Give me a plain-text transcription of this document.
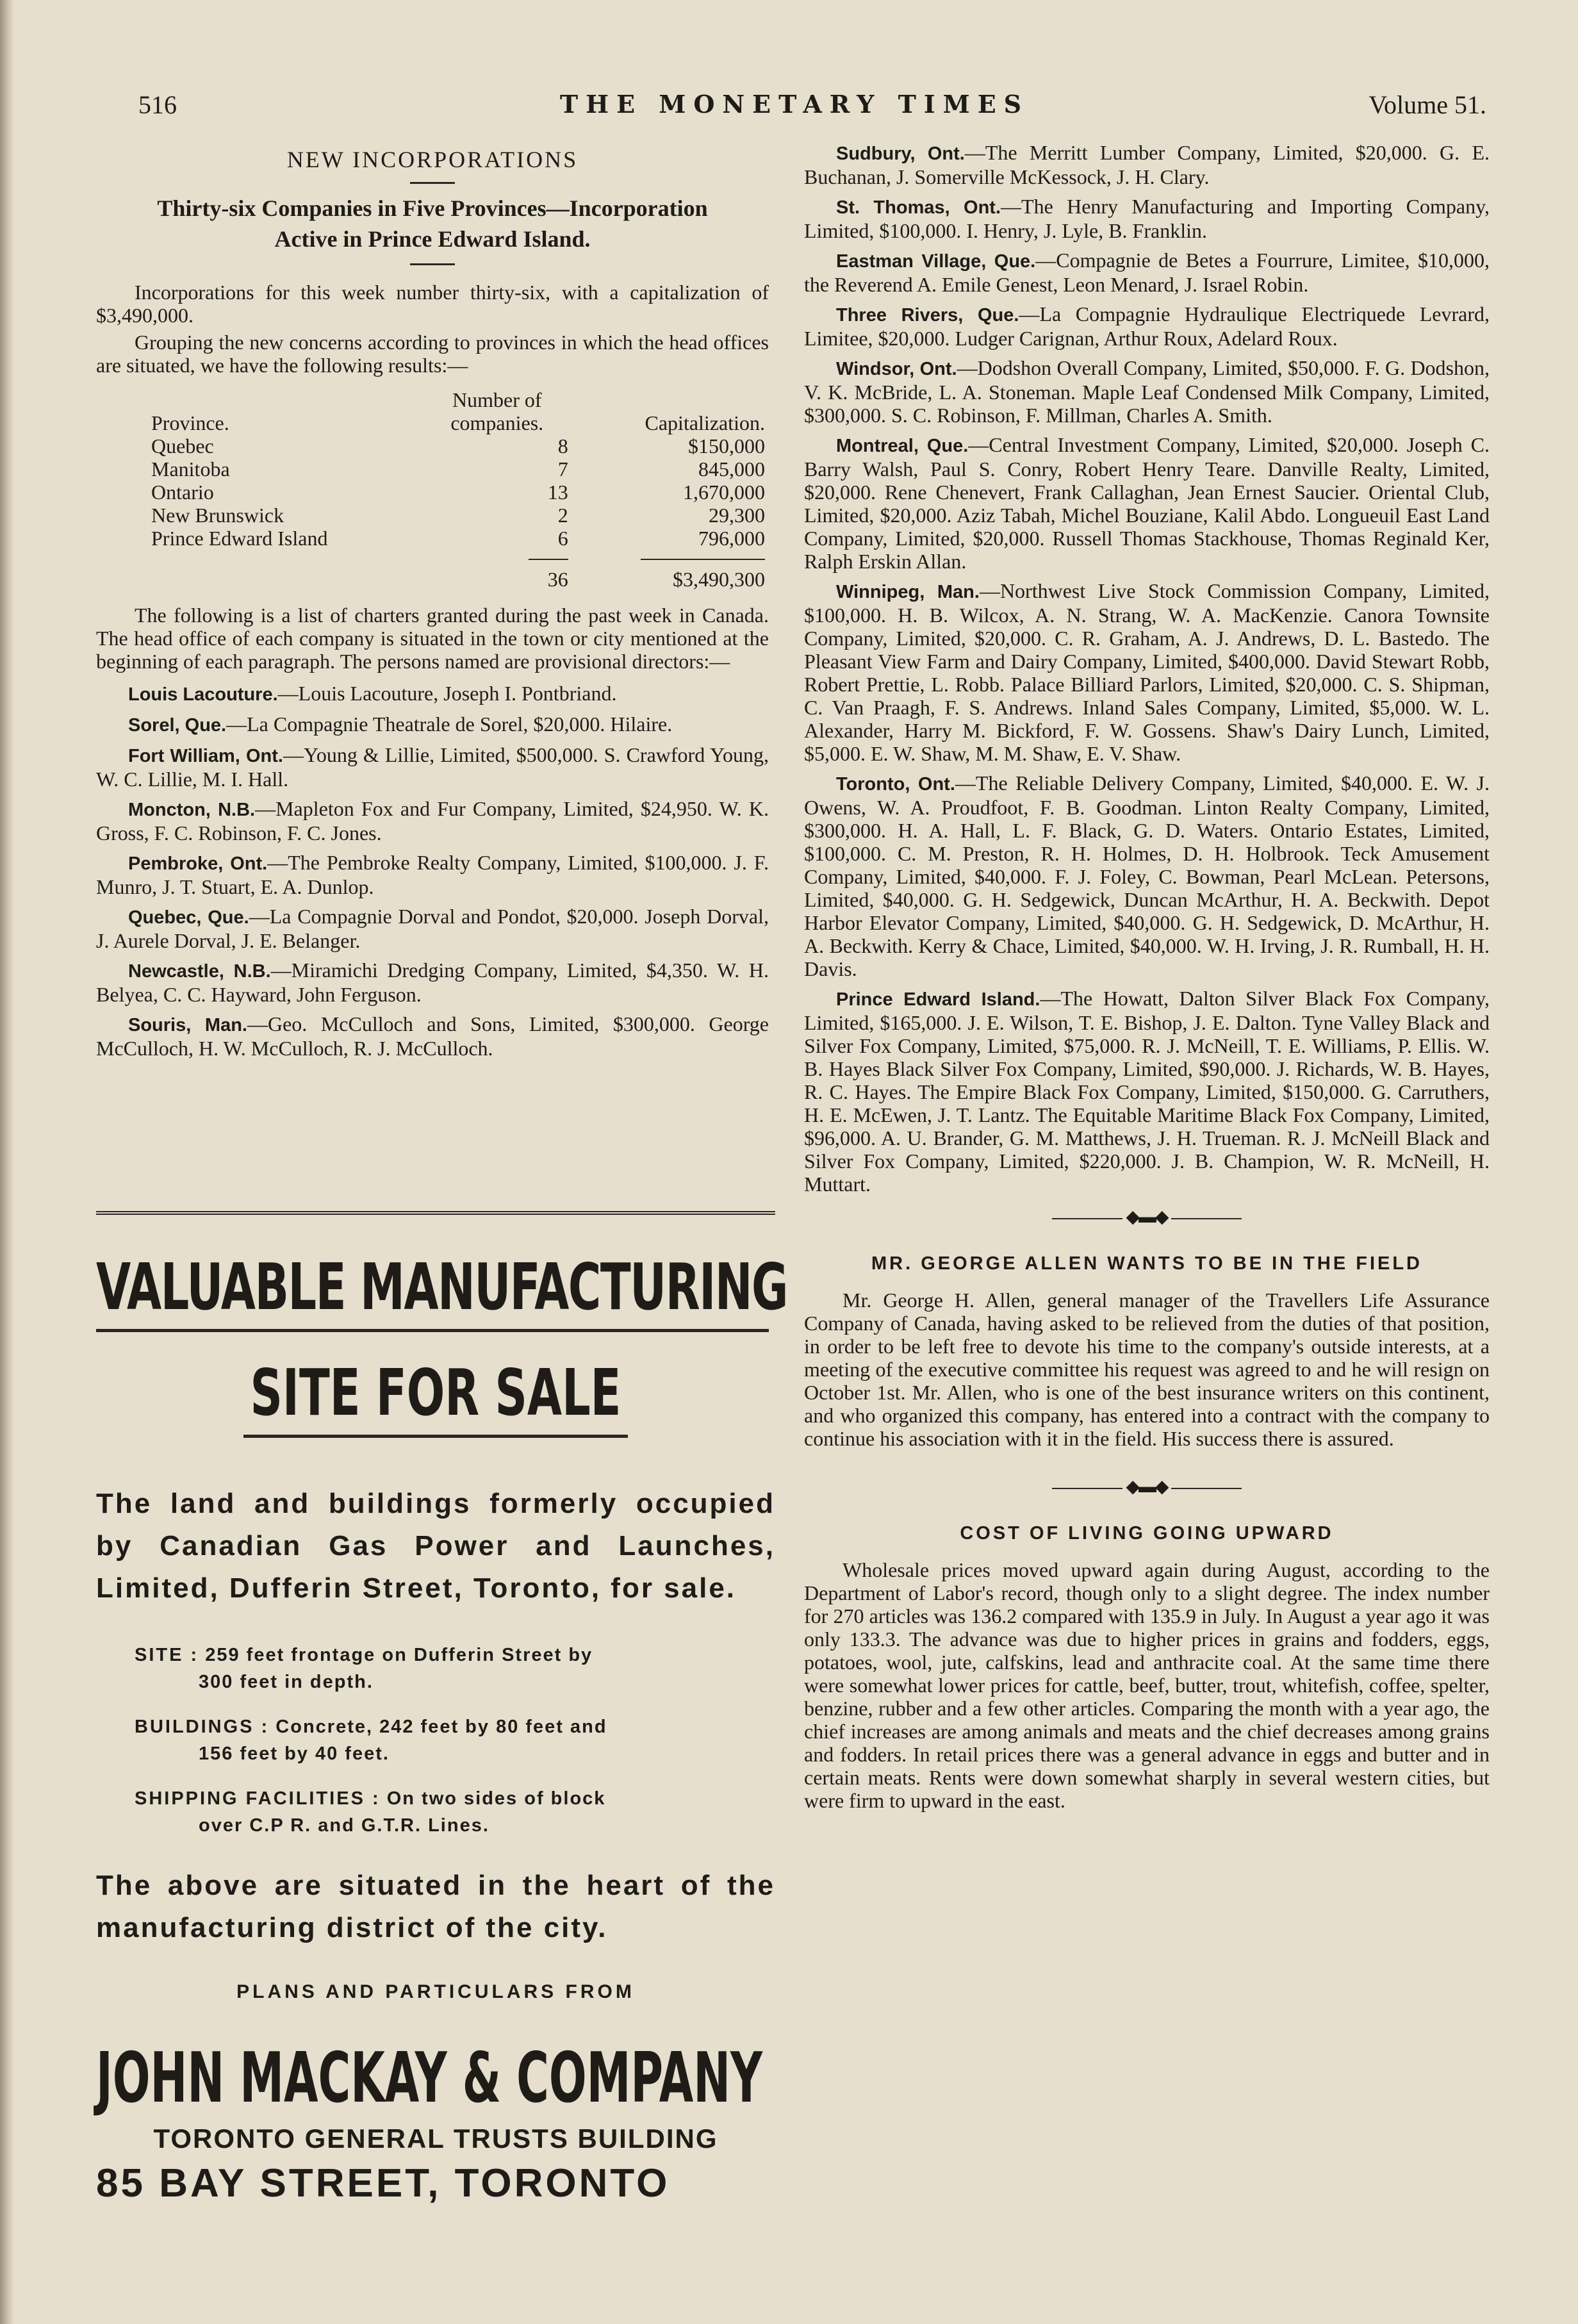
516	THE MONETARY TIMES	Volume 51.
NEW INCORPORATIONS

Thirty-six Companies in Five Provinces—Incorporation

Active in Prince Edward Island.

Incorporations for this week number thirty-six, with a capitalization of $3,490,000.

Grouping the new concerns according to provinces in which the head offices are situated, we have the following results:—

	Number of	
Province.	companies.	Capitalization.
Quebec	8	$150,000
Manitoba	7	845,000
Ontario	13	1,670,000
New Brunswick	2	29,300
Prince Edward Island	6	796,000
	36	$3,490,300

The following is a list of charters granted during the past week in Canada. The head office of each company is situated in the town or city mentioned at the beginning of each paragraph. The persons named are provisional directors:—

Louis Lacouture.—Louis Lacouture, Joseph I. Pontbriand.

Sorel, Que.—La Compagnie Theatrale de Sorel, $20,000. Hilaire.

Fort William, Ont.—Young & Lillie, Limited, $500,000. S. Crawford Young, W. C. Lillie, M. I. Hall.

Moncton, N.B.—Mapleton Fox and Fur Company, Limited, $24,950. W. K. Gross, F. C. Robinson, F. C. Jones.

Pembroke, Ont.—The Pembroke Realty Company, Limited, $100,000. J. F. Munro, J. T. Stuart, E. A. Dunlop.

Quebec, Que.—La Compagnie Dorval and Pondot, $20,000. Joseph Dorval, J. Aurele Dorval, J. E. Belanger.

Newcastle, N.B.—Miramichi Dredging Company, Limited, $4,350. W. H. Belyea, C. C. Hayward, John Ferguson.

Souris, Man.—Geo. McCulloch and Sons, Limited, $300,000. George McCulloch, H. W. McCulloch, R. J. McCulloch.

VALUABLE MANUFACTURING
SITE FOR SALE

The land and buildings formerly occupied by Canadian Gas Power and Launches, Limited, Dufferin Street, Toronto, for sale.

SITE : 259 feet frontage on Dufferin Street by
300 feet in depth.
BUILDINGS : Concrete, 242 feet by 80 feet and
156 feet by 40 feet.
SHIPPING FACILITIES : On two sides of block
over C.P R. and G.T.R. Lines.

The above are situated in the heart of the manufacturing district of the city.

PLANS AND PARTICULARS FROM
JOHN MACKAY & COMPANY
TORONTO GENERAL TRUSTS BUILDING
85 BAY STREET, TORONTO

Sudbury, Ont.—The Merritt Lumber Company, Limited, $20,000. G. E. Buchanan, J. Somerville McKessock, J. H. Clary.

St. Thomas, Ont.—The Henry Manufacturing and Importing Company, Limited, $100,000. I. Henry, J. Lyle, B. Franklin.

Eastman Village, Que.—Compagnie de Betes a Fourrure, Limitee, $10,000, the Reverend A. Emile Genest, Leon Menard, J. Israel Robin.

Three Rivers, Que.—La Compagnie Hydraulique Electriquede Levrard, Limitee, $20,000. Ludger Carignan, Arthur Roux, Adelard Roux.

Windsor, Ont.—Dodshon Overall Company, Limited, $50,000. F. G. Dodshon, V. K. McBride, L. A. Stoneman. Maple Leaf Condensed Milk Company, Limited, $300,000. S. C. Robinson, F. Millman, Charles A. Smith.

Montreal, Que.—Central Investment Company, Limited, $20,000. Joseph C. Barry Walsh, Paul S. Conry, Robert Henry Teare. Danville Realty, Limited, $20,000. Rene Chenevert, Frank Callaghan, Jean Ernest Saucier. Oriental Club, Limited, $20,000. Aziz Tabah, Michel Bouziane, Kalil Abdo. Longueuil East Land Company, Limited, $20,000. Russell Thomas Stackhouse, Thomas Reginald Ker, Ralph Erskin Allan.

Winnipeg, Man.—Northwest Live Stock Commission Company, Limited, $100,000. H. B. Wilcox, A. N. Strang, W. A. MacKenzie. Canora Townsite Company, Limited, $20,000. C. R. Graham, A. J. Andrews, D. L. Bastedo. The Pleasant View Farm and Dairy Company, Limited, $400,000. David Stewart Robb, Robert Prettie, L. Robb. Palace Billiard Parlors, Limited, $20,000. C. S. Shipman, C. Van Praagh, F. S. Andrews. Inland Sales Company, Limited, $5,000. W. L. Alexander, Harry M. Bickford, F. W. Gossens. Shaw's Dairy Lunch, Limited, $5,000. E. W. Shaw, M. M. Shaw, E. V. Shaw.

Toronto, Ont.—The Reliable Delivery Company, Limited, $40,000. E. W. J. Owens, W. A. Proudfoot, F. B. Goodman. Linton Realty Company, Limited, $300,000. H. A. Hall, L. F. Black, G. D. Waters. Ontario Estates, Limited, $100,000. C. M. Preston, R. H. Holmes, D. H. Holbrook. Teck Amusement Company, Limited, $40,000. F. J. Foley, C. Bowman, Pearl McLean. Petersons, Limited, $40,000. G. H. Sedgewick, Duncan McArthur, H. A. Beckwith. Depot Harbor Elevator Company, Limited, $40,000. G. H. Sedgewick, D. McArthur, H. A. Beckwith. Kerry & Chace, Limited, $40,000. W. H. Irving, J. R. Rumball, H. H. Davis.

Prince Edward Island.—The Howatt, Dalton Silver Black Fox Company, Limited, $165,000. J. E. Wilson, T. E. Bishop, J. E. Dalton. Tyne Valley Black and Silver Fox Company, Limited, $75,000. R. J. McNeill, T. E. Williams, P. Ellis. W. B. Hayes Black Silver Fox Company, Limited, $90,000. J. Richards, W. B. Hayes, R. C. Hayes. The Empire Black Fox Company, Limited, $150,000. G. Carruthers, H. E. McEwen, J. T. Lantz. The Equitable Maritime Black Fox Company, Limited, $96,000. A. U. Brander, G. M. Matthews, J. H. Trueman. R. J. McNeill Black and Silver Fox Company, Limited, $220,000. J. B. Champion, W. R. McNeill, H. Muttart.

◆▬◆
MR. GEORGE ALLEN WANTS TO BE IN THE FIELD

Mr. George H. Allen, general manager of the Travellers Life Assurance Company of Canada, having asked to be relieved from the duties of that position, in order to be left free to devote his time to the company's outside interests, at a meeting of the executive committee his request was agreed to and he will resign on October 1st. Mr. Allen, who is one of the best insurance writers on this continent, and who organized this company, has entered into a contract with the company to continue his association with it in the field. His success there is assured.

◆▬◆
COST OF LIVING GOING UPWARD

Wholesale prices moved upward again during August, according to the Department of Labor's record, though only to a slight degree. The index number for 270 articles was 136.2 compared with 135.9 in July. In August a year ago it was only 133.3. The advance was due to higher prices in grains and fodders, eggs, potatoes, wool, jute, calfskins, lead and anthracite coal. At the same time there were somewhat lower prices for cattle, beef, butter, trout, whitefish, coffee, spelter, benzine, rubber and a few other articles. Comparing the month with a year ago, the chief increases are among animals and meats and the chief decreases among grains and fodders. In retail prices there was a general advance in eggs and butter and in certain meats. Rents were down somewhat sharply in several western cities, but were firm to upward in the east.
